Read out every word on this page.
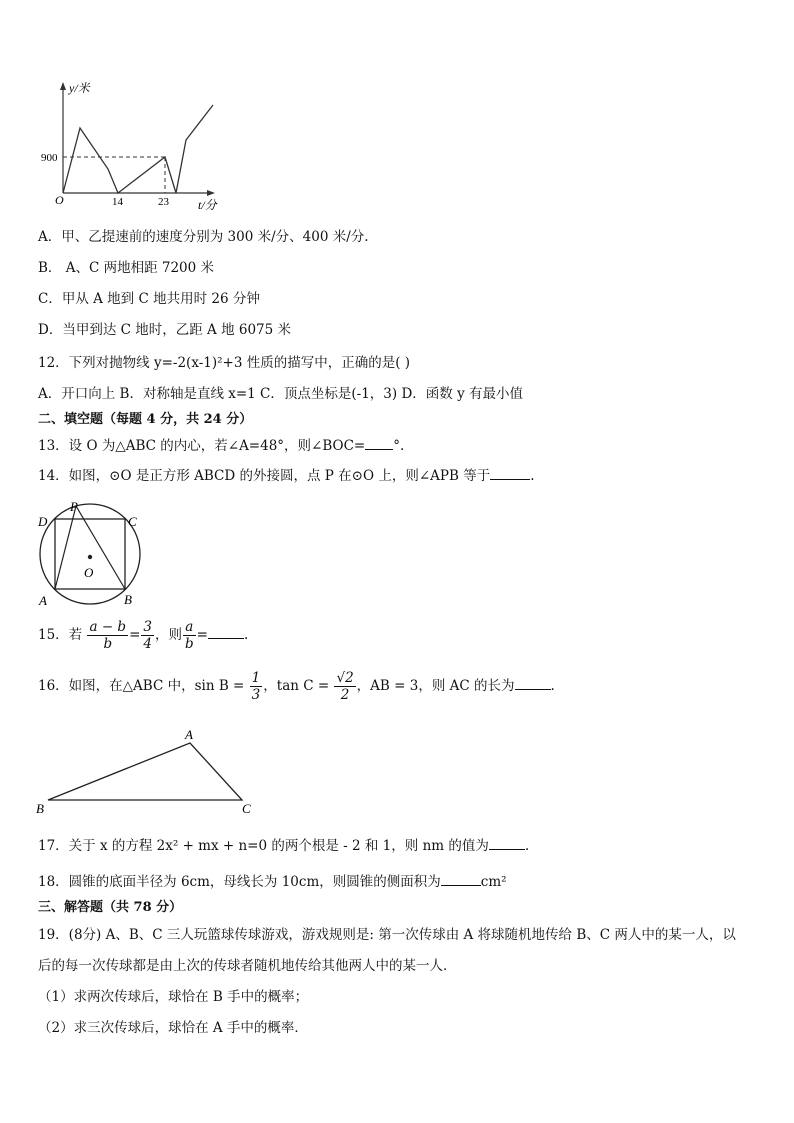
y/米
t/分
O
900
14	23
A．甲、乙提速前的速度分别为 300 米/分、400 米/分.
B． A、C 两地相距 7200 米
C．甲从 A 地到 C 地共用时 26 分钟
D．当甲到达 C 地时，乙距 A 地 6075 米
12．下列对抛物线 y=-2(x-1)²+3 性质的描写中，正确的是( )
A．开口向上 B．对称轴是直线 x=1 C．顶点坐标是(-1，3) D．函数 y 有最小值
二、填空题（每题 4 分，共 24 分）
13．设 O 为△ABC 的内心，若∠A=48°，则∠BOC= °.
14．如图，⊙O 是正方形 ABCD 的外接圆，点 P 在⊙O 上，则∠APB 等于	.
D
P
C
O
A	B
15．若 $\frac{a - b}{b} = \frac{3}{4}$ ，则 $\frac{a}{b}$ =	.
16．如图，在△ABC 中，$\sin B = \frac{1}{3}$ ，$\tan C = \frac{√2}{2}$ ，AB = 3，则 AC 的长为	.
A
B	C
17．关于 x 的方程 2x² + mx + n=0 的两个根是 - 2 和 1，则 nm 的值为	.
18．圆锥的底面半径为 6cm，母线长为 10cm，则圆锥的侧面积为	cm²
三、解答题（共 78 分）
19．(8分) A、B、C 三人玩篮球传球游戏，游戏规则是: 第一次传球由 A 将球随机地传给 B、C 两人中的某一人，以
后的每一次传球都是由上次的传球者随机地传给其他两人中的某一人．
（1）求两次传球后，球恰在 B 手中的概率；
（2）求三次传球后，球恰在 A 手中的概率．
